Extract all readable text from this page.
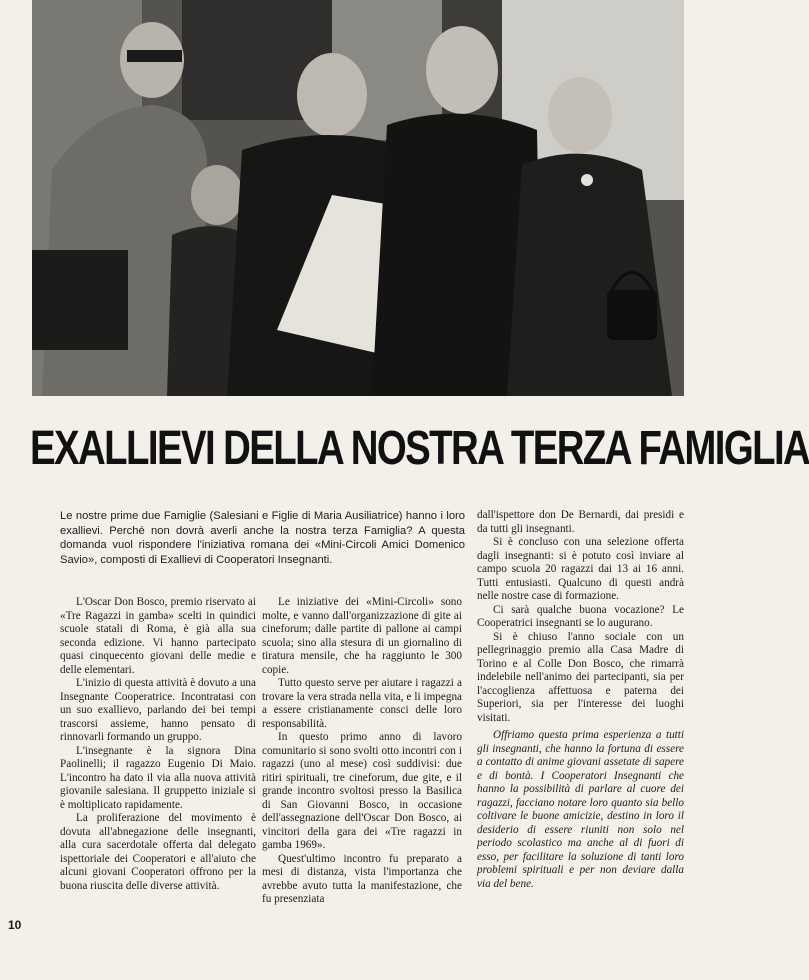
EXALLIEVI DELLA NOSTRA TERZA FAMIGLIA
Le nostre prime due Famiglie (Salesiani e Figlie di Maria Ausiliatrice) hanno i loro exallievi. Perché non dovrà averli anche la nostra terza Famiglia? A questa domanda vuol rispondere l'iniziativa romana dei «Mini-Circoli Amici Domenico Savio», composti di Exallievi di Cooperatori Insegnanti.

L'Oscar Don Bosco, premio riservato ai «Tre Ragazzi in gamba» scelti in quindici scuole statali di Roma, è già alla sua seconda edizione. Vi hanno partecipato quasi cinquecento giovani delle medie e delle elementari.

L'inizio di questa attività è dovuto a una Insegnante Cooperatrice. Incontratasi con un suo exallievo, parlando dei bei tempi trascorsi assieme, hanno pensato di rinnovarli formando un gruppo.

L'insegnante è la signora Dina Paolinelli; il ragazzo Eugenio Di Maio. L'incontro ha dato il via alla nuova attività giovanile salesiana. Il gruppetto iniziale si è moltiplicato rapidamente.

La proliferazione del movimento è dovuta all'abnegazione delle insegnanti, alla cura sacerdotale offerta dal delegato ispettoriale dei Cooperatori e all'aiuto che alcuni giovani Cooperatori offrono per la buona riuscita delle diverse attività.

Le iniziative dei «Mini-Circoli» sono molte, e vanno dall'organizzazione di gite ai cineforum; dalle partite di pallone ai campi scuola; sino alla stesura di un giornalino di tiratura mensile, che ha raggiunto le 300 copie.

Tutto questo serve per aiutare i ragazzi a trovare la vera strada nella vita, e li impegna a essere cristianamente consci delle loro responsabilità.

In questo primo anno di lavoro comunitario si sono svolti otto incontri con i ragazzi (uno al mese) così suddivisi: due ritiri spirituali, tre cineforum, due gite, e il grande incontro svoltosi presso la Basilica di San Giovanni Bosco, in occasione dell'assegnazione dell'Oscar Don Bosco, ai vincitori della gara dei «Tre ragazzi in gamba 1969».

Quest'ultimo incontro fu preparato a mesi di distanza, vista l'importanza che avrebbe avuto tutta la manifestazione, che fu presenziata

dall'ispettore don De Bernardi, dai presidi e da tutti gli insegnanti.

Si è concluso con una selezione offerta dagli insegnanti: si è potuto così inviare al campo scuola 20 ragazzi dai 13 ai 16 anni. Tutti entusiasti. Qualcuno di questi andrà nelle nostre case di formazione.

Ci sarà qualche buona vocazione? Le Cooperatrici insegnanti se lo augurano.

Si è chiuso l'anno sociale con un pellegrinaggio premio alla Casa Madre di Torino e al Colle Don Bosco, che rimarrà indelebile nell'animo dei partecipanti, sia per l'accoglienza affettuosa e paterna dei Superiori, sia per l'interesse dei luoghi visitati.

Offriamo questa prima esperienza a tutti gli insegnanti, che hanno la fortuna di essere a contatto di anime giovani assetate di sapere e di bontà. I Cooperatori Insegnanti che hanno la possibilità di parlare al cuore dei ragazzi, facciano notare loro quanto sia bello coltivare le buone amicizie, destino in loro il desiderio di essere riuniti non solo nel periodo scolastico ma anche al di fuori di esso, per facilitare la soluzione di tanti loro problemi spirituali e per non deviare dalla via del bene.

10
